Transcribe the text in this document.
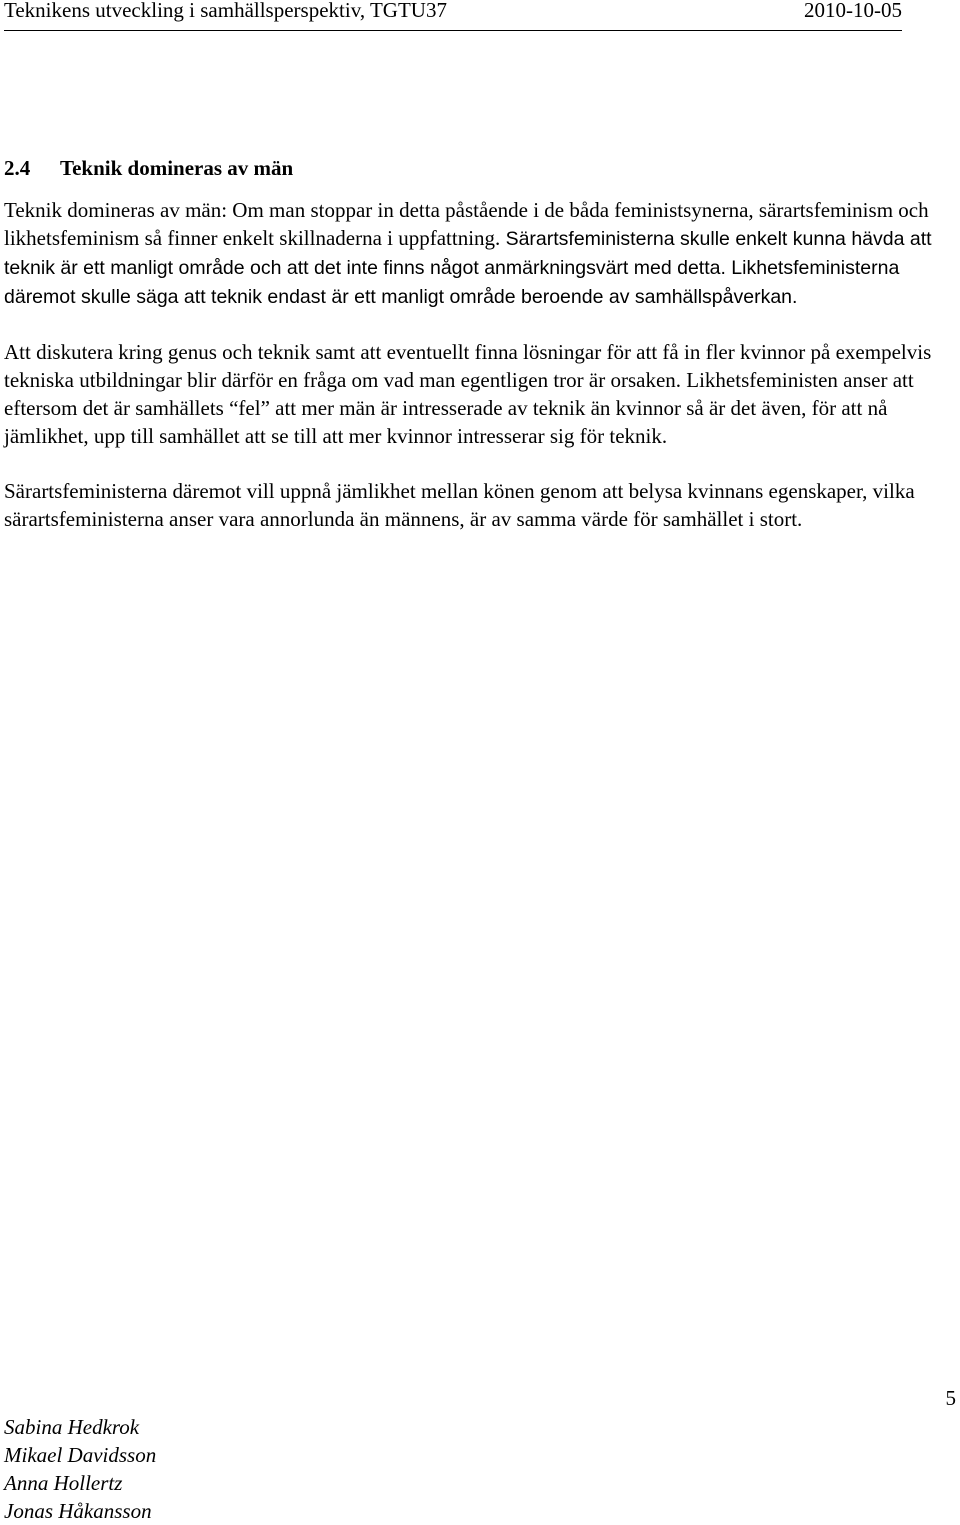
Teknikens utveckling i samhällsperspektiv, TGTU37	2010-10-05
2.4 Teknik domineras av män

Teknik domineras av män: Om man stoppar in detta påstående i de båda feministsynerna, särartsfeminism och likhetsfeminism så finner enkelt skillnaderna i uppfattning. Särartsfeministerna skulle enkelt kunna hävda att teknik är ett manligt område och att det inte finns något anmärkningsvärt med detta. Likhetsfeministerna däremot skulle säga att teknik endast är ett manligt område beroende av samhällspåverkan.

Att diskutera kring genus och teknik samt att eventuellt finna lösningar för att få in fler kvinnor på exempelvis tekniska utbildningar blir därför en fråga om vad man egentligen tror är orsaken. Likhetsfeministen anser att eftersom det är samhällets “fel” att mer män är intresserade av teknik än kvinnor så är det även, för att nå jämlikhet, upp till samhället att se till att mer kvinnor intresserar sig för teknik.

Särartsfeministerna däremot vill uppnå jämlikhet mellan könen genom att belysa kvinnans egenskaper, vilka särartsfeministerna anser vara annorlunda än männens, är av samma värde för samhället i stort.

Sabina Hedkrok
Mikael Davidsson
Anna Hollertz
Jonas Håkansson
5
